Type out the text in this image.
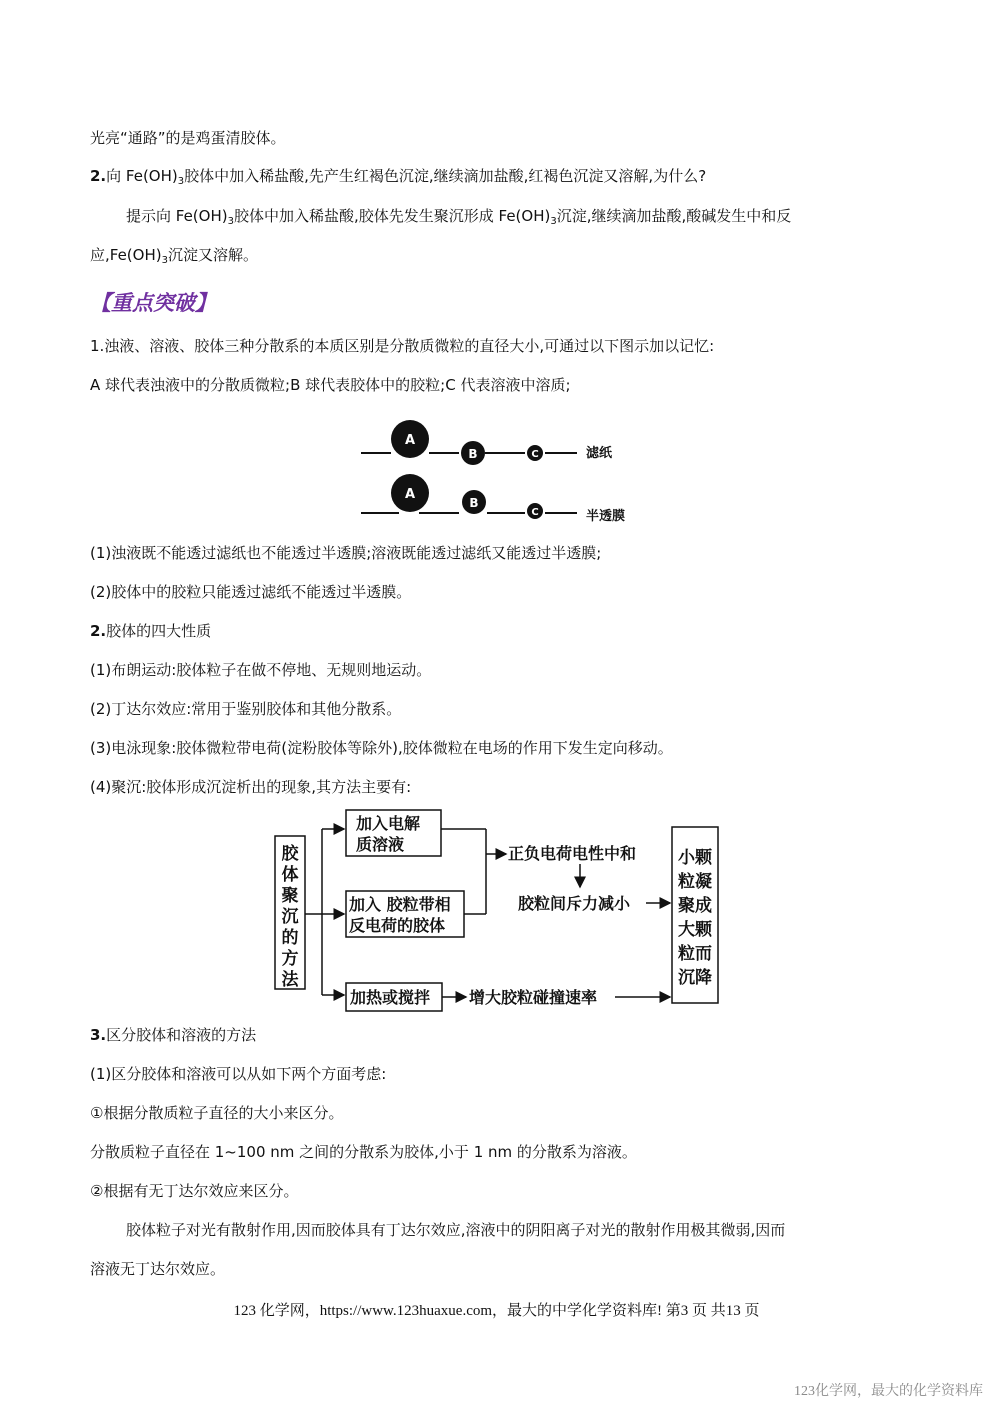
光亮“通路”的是鸡蛋清胶体。
2.向 $Fe(OH)_3$胶体中加入稀盐酸,先产生红褐色沉淀,继续滴加盐酸,红褐色沉淀又溶解,为什么?
提示向 $Fe(OH)_3$胶体中加入稀盐酸,胶体先发生聚沉形成 $Fe(OH)_3$沉淀,继续滴加盐酸,酸碱发生中和反
应$,Fe(OH)_3$沉淀又溶解。
【重点突破】
1.浊液、溶液、胶体三种分散系的本质区别是分散质微粒的直径大小,可通过以下图示加以记忆:
A 球代表浊液中的分散质微粒;B 球代表胶体中的胶粒;C 代表溶液中溶质;
A
B	C	滤纸
A
B
C	半透膜
(1)浊液既不能透过滤纸也不能透过半透膜;溶液既能透过滤纸又能透过半透膜;
(2)胶体中的胶粒只能透过滤纸不能透过半透膜。
2.胶体的四大性质
(1)布朗运动:胶体粒子在做不停地、无规则地运动。
(2)丁达尔效应:常用于鉴别胶体和其他分散系。
(3)电泳现象:胶体微粒带电荷(淀粉胶体等除外),胶体微粒在电场的作用下发生定向移动。
(4)聚沉:胶体形成沉淀析出的现象,其方法主要有:
胶
体
聚
沉
的
方
法
加入电解
质溶液
加入 胶粒带相
反电荷的胶体
正负电荷电性中和
胶粒间斥力减小
加热或搅拌 增大胶粒碰撞速率
小颗
粒凝
聚成
大颗
粒而
沉降
3.区分胶体和溶液的方法
(1)区分胶体和溶液可以从如下两个方面考虑:
①根据分散质粒子直径的大小来区分。
分散质粒子直径在 1~100 nm 之间的分散系为胶体,小于 1 nm 的分散系为溶液。
②根据有无丁达尔效应来区分。
胶体粒子对光有散射作用,因而胶体具有丁达尔效应,溶液中的阴阳离子对光的散射作用极其微弱,因而
溶液无丁达尔效应。
123 化学网，https://www.123huaxue.com，最大的中学化学资料库! 第3 页 共13 页
123化学网，最大的化学资料库
